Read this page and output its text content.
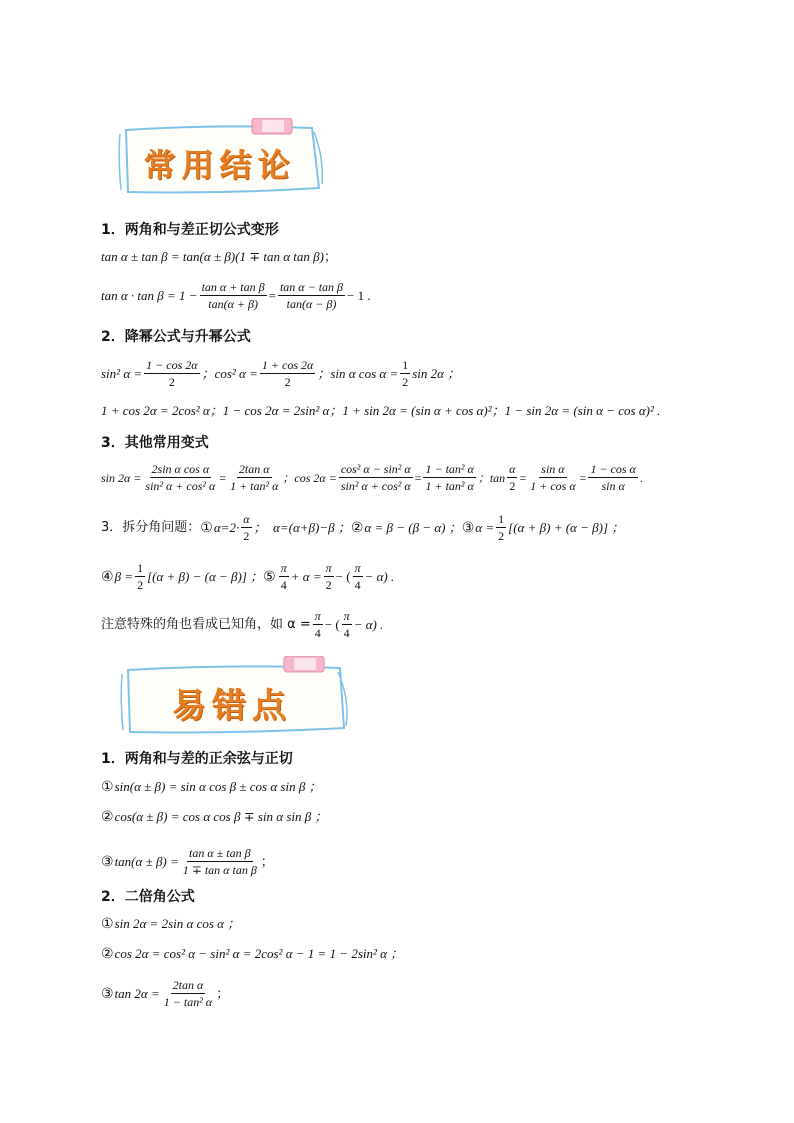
常用结论
1．两角和与差正切公式变形
tan α ± tan β = tan(α ± β)(1 ∓ tan α tan β) ；
$\tan \alpha \cdot \tan \beta = 1 - \frac{\text{tan α + tan β}}{\tan(\alpha + \beta)} = \frac{\text{tan α − tan β}}{\tan(\alpha - \beta)} - 1$ .
2．降幂公式与升幂公式
sin² $\alpha = \frac{1 - \cos 2\alpha}{2}$ ；cos² $\alpha = \frac{1 + \cos 2\alpha}{2}$ ；sin α $\cos \alpha = \frac{1}{2}$ sin 2α ；
1 + cos 2α = 2cos² α；1 − cos 2α = 2sin² α；1 + sin 2α = (sin α + cos α)²；1 − sin 2α = (sin α − cos α)² .
3．其他常用变式
$\sin 2\alpha = \frac{\text{2sin α cos α}}{\text{sin² α + cos² α}} = \frac{\text{2tan α}}{\text{1 + tan² α}}$ ；$\cos 2\alpha = \frac{\text{cos² α − sin² α}}{\text{sin² α + cos² α}} = \frac{\text{1 − tan² α}}{\text{1 + tan² α}}$ ；$\tan \frac{\alpha}{2} = \frac{\text{sin α}}{\text{1 + cos α}} = \frac{\text{1 − cos α}}{\text{sin α}}$ .
3．拆分角问题： ① $\alpha=2\cdot \frac{\alpha}{2}$ ；  α=(α+β)−β ； ② α = β − (β − α) ； ③ $\alpha = \frac{1}{2} [(\alpha + \beta) + (\alpha - \beta)]$ ；
④ $\beta = \frac{1}{2} [(\alpha + \beta) - (\alpha - \beta)]$ ； ⑤ $\frac{\pi}{4} + \alpha = \frac{\pi}{2}$ − ( $\frac{\pi}{4} - \alpha$) .
注意特殊的角也看成已知角，如 $\alpha = \frac{\pi}{4}$ − ( $\frac{\pi}{4} - \alpha$) .
易错点
1．两角和与差的正余弦与正切
① sin(α ± β) = sin α cos β ± cos α sin β ；
② cos(α ± β) = cos α cos β ∓ sin α sin β ；
③ $\tan(\alpha \pm \beta) = \frac{\text{tan α ± tan β}}{\text{1 ∓ tan α tan β}}$ ；
2．二倍角公式
① sin 2α = 2sin α cos α ；
② cos 2α = cos² α − sin² α = 2cos² α − 1 = 1 − 2sin² α ；
③ $\tan 2\alpha = \frac{\text{2tan α}}{\text{1 − tan² α}}$ ；
